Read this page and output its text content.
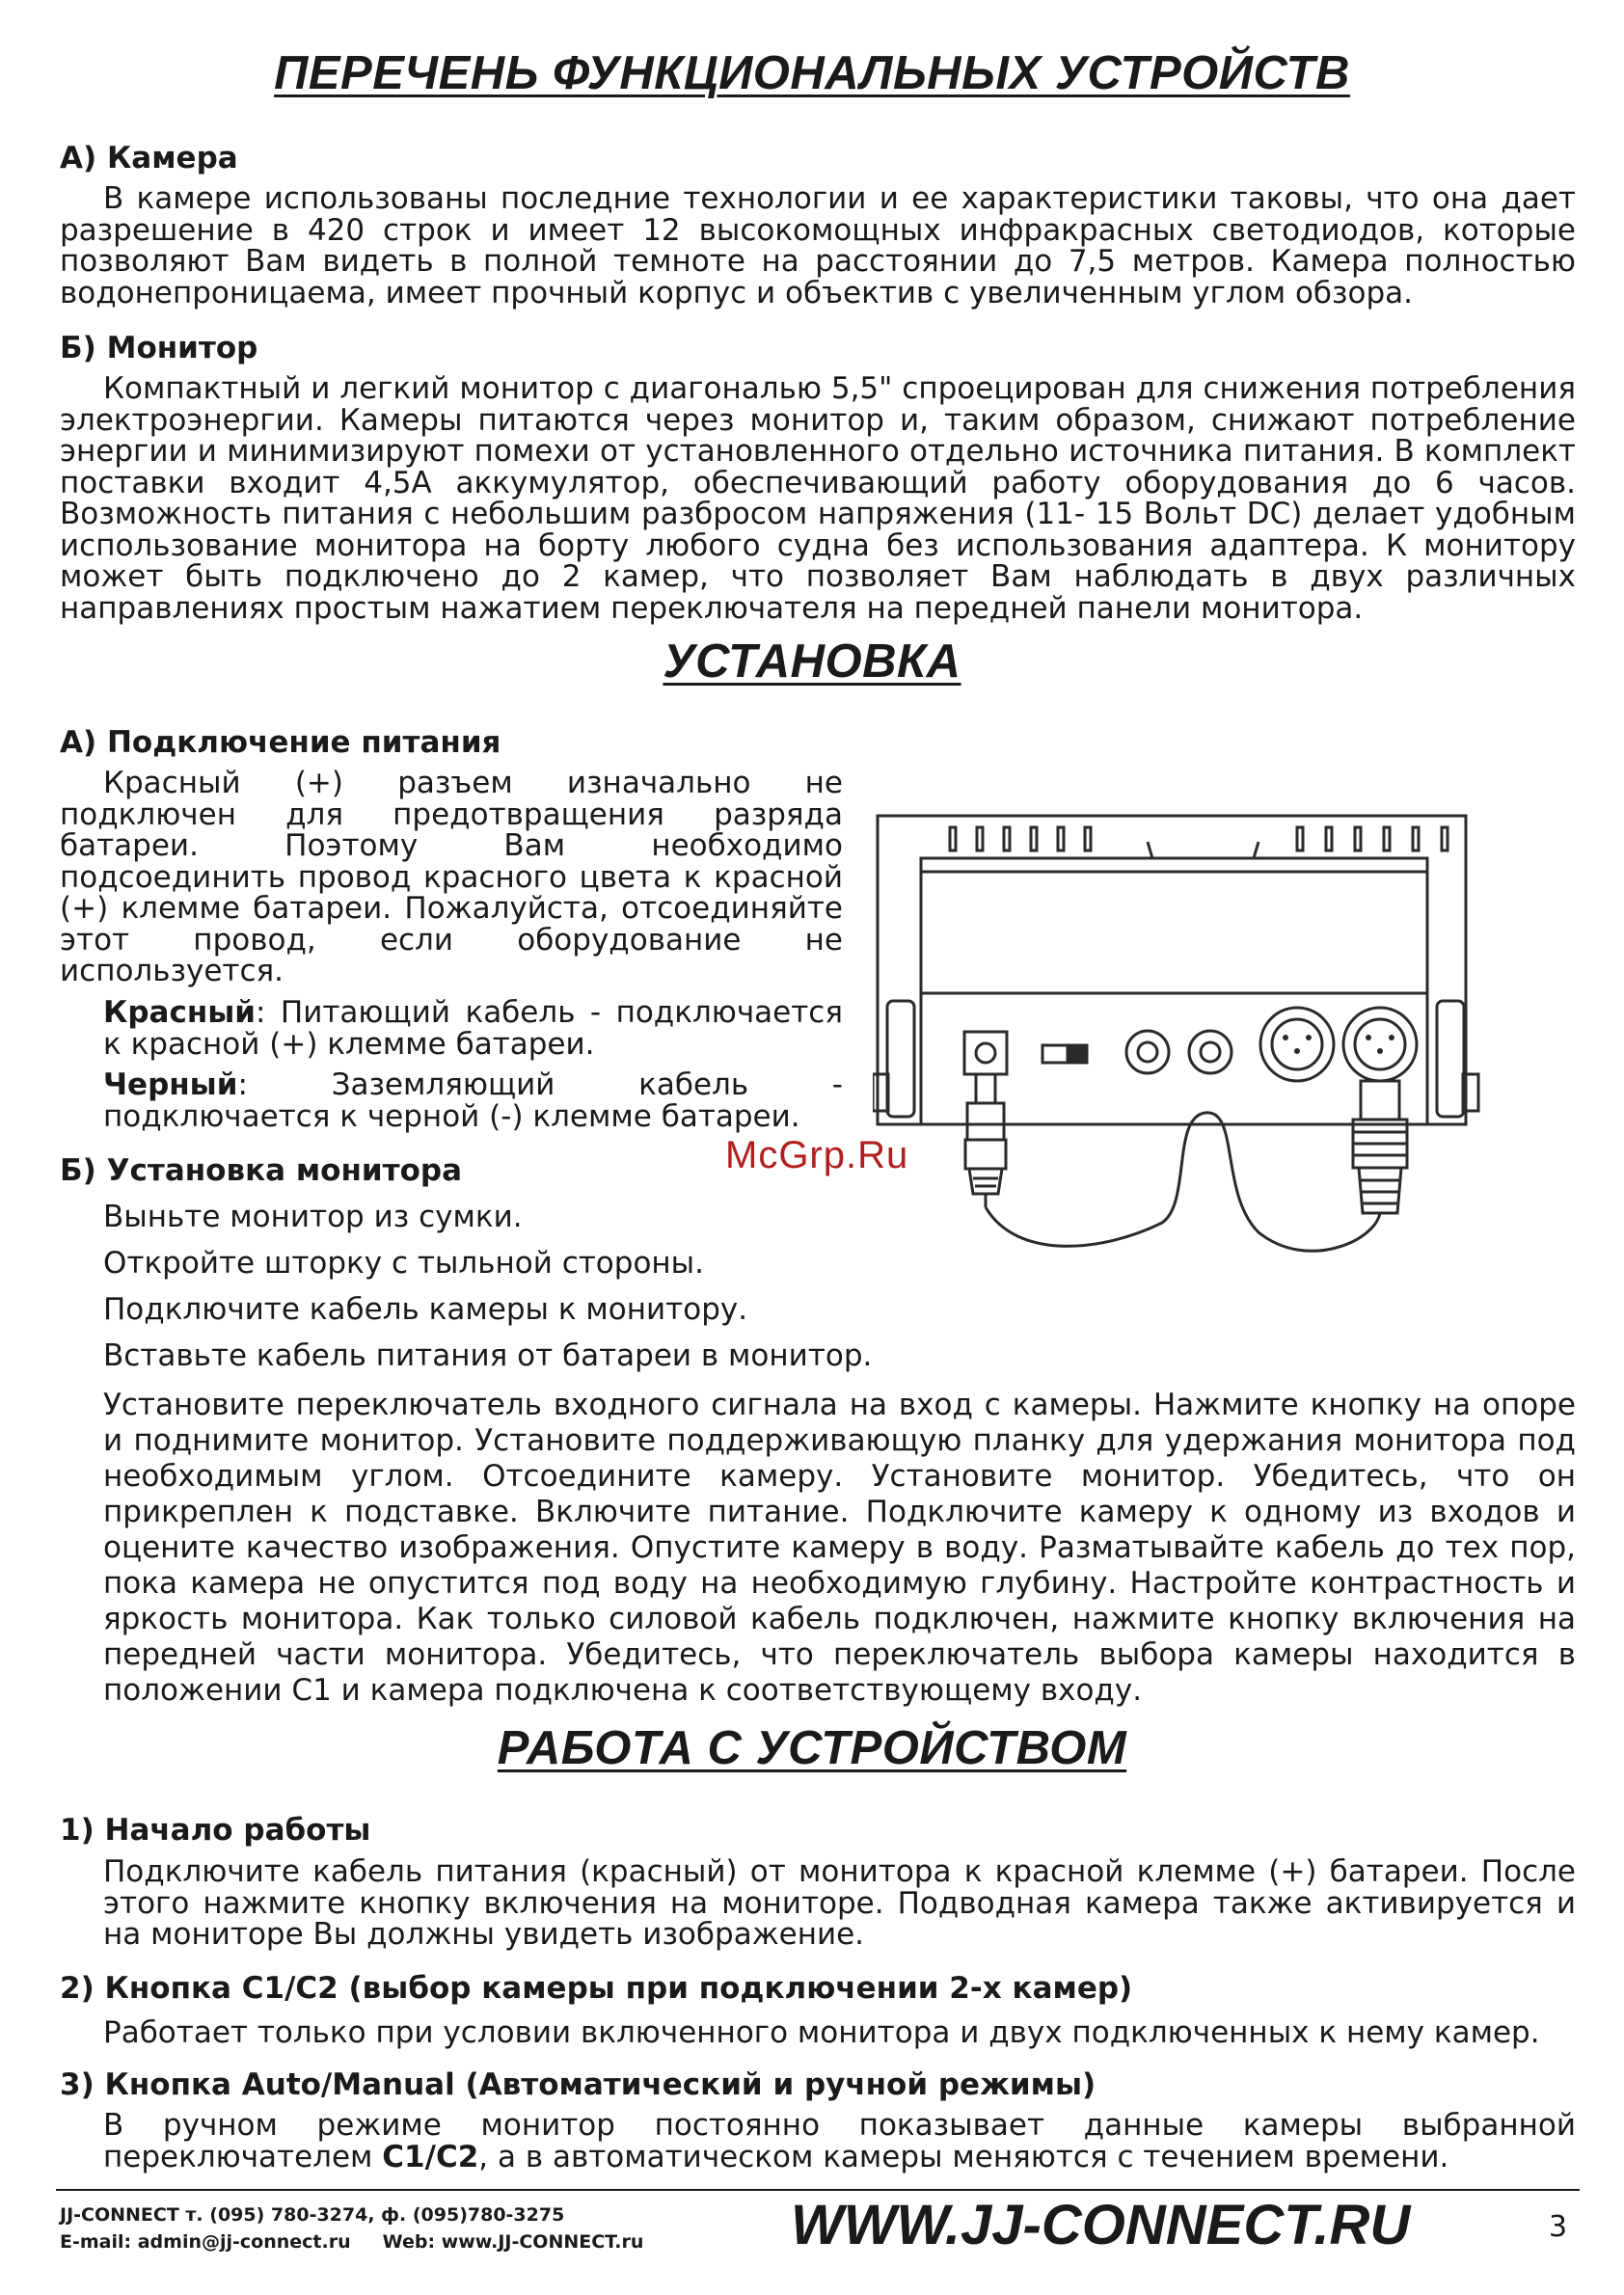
ПЕРЕЧЕНЬ ФУНКЦИОНАЛЬНЫХ УСТРОЙСТВ
А) Камера

В камере использованы последние технологии и ее характеристики таковы, что она дает разрешение в 420 строк и имеет 12 высокомощных инфракрасных светодиодов, которые позволяют Вам видеть в полной темноте на расстоянии до 7,5 метров. Камера полностью водонепроницаема, имеет прочный корпус и объектив с увеличенным углом обзора.

Б) Монитор

Компактный и легкий монитор с диагональю 5,5" спроецирован для снижения потребления электроэнергии. Камеры питаются через монитор и, таким образом, снижают потребление энергии и минимизируют помехи от установленного отдельно источника питания. В комплект поставки входит 4,5А аккумулятор, обеспечивающий работу оборудования до 6 часов. Возможность питания с небольшим разбросом напряжения (11- 15 Вольт DC) делает удобным использование монитора на борту любого судна без использования адаптера. К монитору может быть подключено до 2 камер, что позволяет Вам наблюдать в двух различных направлениях простым нажатием переключателя на передней панели монитора.

УСТАНОВКА
А) Подключение питания

Красный (+) разъем изначально не подключен для предотвращения разряда батареи. Поэтому Вам необходимо подсоединить провод красного цвета к красной (+) клемме батареи. Пожалуйста, отсоединяйте этот провод, если оборудование не используется.

Красный: Питающий кабель - подключается к красной (+) клемме батареи.

Черный: Заземляющий кабель - подключается к черной (-) клемме батареи.

Б) Установка монитора
Выньте монитор из сумки.
Откройте шторку с тыльной стороны.
Подключите кабель камеры к монитору.
Вставьте кабель питания от батареи в монитор.

Установите переключатель входного сигнала на вход с камеры. Нажмите кнопку на опоре и поднимите монитор. Установите поддерживающую планку для удержания монитора под необходимым углом. Отсоедините камеру. Установите монитор. Убедитесь, что он прикреплен к подставке. Включите питание. Подключите камеру к одному из входов и оцените качество изображения. Опустите камеру в воду. Разматывайте кабель до тех пор, пока камера не опустится под воду на необходимую глубину. Настройте контрастность и яркость монитора. Как только силовой кабель подключен, нажмите кнопку включения на передней части монитора. Убедитесь, что переключатель выбора камеры находится в положении С1 и камера подключена к соответствующему входу.

РАБОТА С УСТРОЙСТВОМ
1) Начало работы

Подключите кабель питания (красный) от монитора к красной клемме (+) батареи. После этого нажмите кнопку включения на мониторе. Подводная камера также активируется и на мониторе Вы должны увидеть изображение.

2) Кнопка С1/С2 (выбор камеры при подключении 2-х камер)
Работает только при условии включенного монитора и двух подключенных к нему камер.
3) Кнопка Auto/Manual (Автоматический и ручной режимы)

В ручном режиме монитор постоянно показывает данные камеры выбранной переключателем С1/С2, а в автоматическом камеры меняются с течением времени.

McGrp.Ru
JJ-CONNECT т. (095) 780-3274, ф. (095)780-3275
E-mail: admin@jj-connect.ru     Web: www.JJ-CONNECT.ru	WWW.JJ-CONNECT.RU	3
